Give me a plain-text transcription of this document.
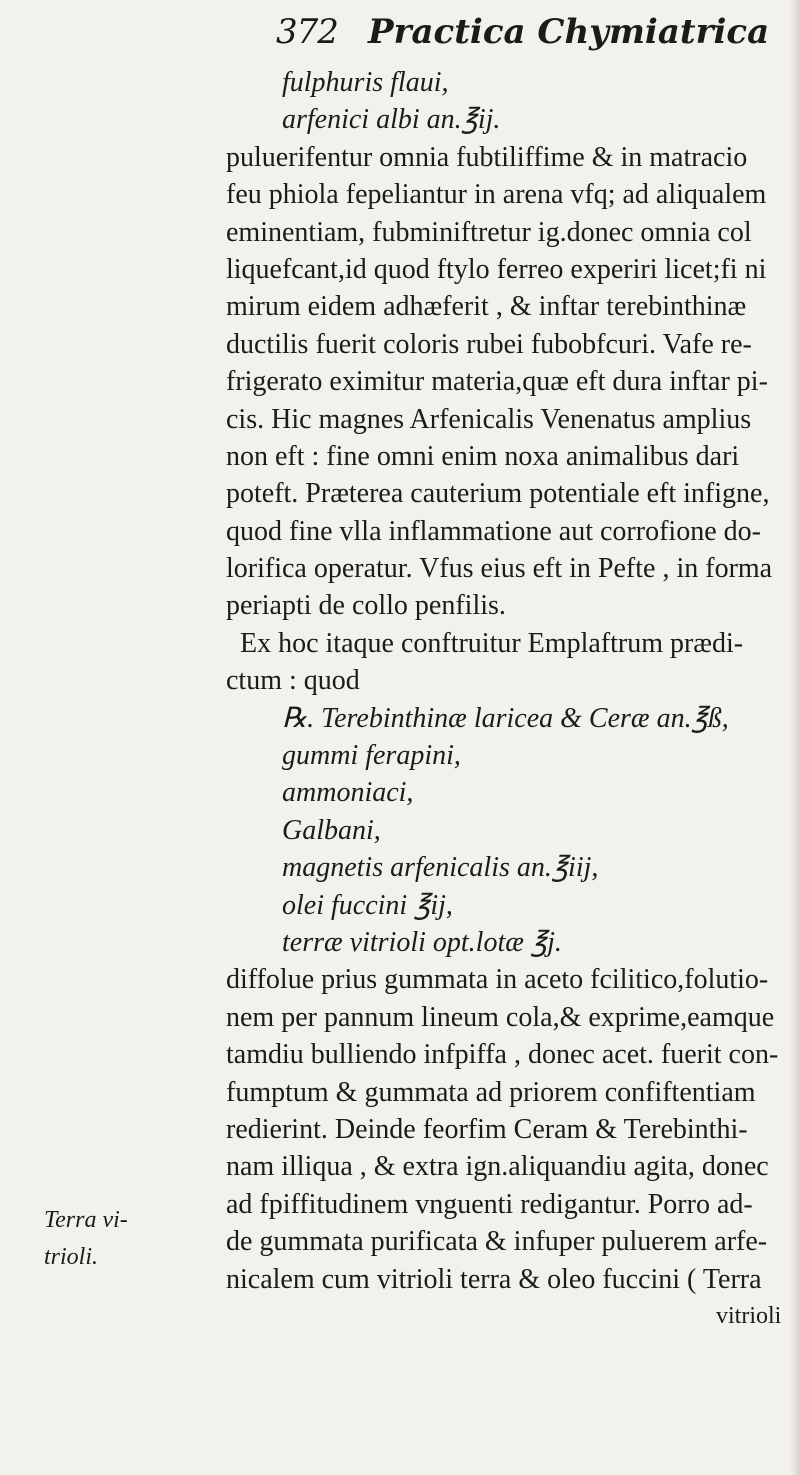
372 Practica Chymiatrica
fulphuris flaui,
arfenici albi an.℥ij.
puluerifentur omnia fubtiliffime & in matracio
feu phiola fepeliantur in arena vfq; ad aliqualem
eminentiam, fubminiftretur ig.donec omnia col
liquefcant,id quod ftylo ferreo experiri licet;fi ni
mirum eidem adhæferit , & inftar terebinthinæ
ductilis fuerit coloris rubei fubobfcuri. Vafe re-
frigerato eximitur materia,quæ eft dura inftar pi-
cis. Hic magnes Arfenicalis Venenatus amplius
non eft : fine omni enim noxa animalibus dari
poteft. Præterea cauterium potentiale eft infigne,
quod fine vlla inflammatione aut corrofione do-
lorifica operatur. Vfus eius eft in Pefte , in forma
periapti de collo penfilis.
Ex hoc itaque conftruitur Emplaftrum prædi-
ctum : quod
℞. Terebinthinæ laricea & Ceræ an.℥ß,
gummi ferapini,
ammoniaci,
Galbani,
magnetis arfenicalis an.℥iij,
olei fuccini ℥ij,
terræ vitrioli opt.lotæ ℥j.
diffolue prius gummata in aceto fcilitico,folutio-
nem per pannum lineum cola,& exprime,eamque
tamdiu bulliendo infpiffa , donec acet. fuerit con-
fumptum & gummata ad priorem confiftentiam
redierint. Deinde feorfim Ceram & Terebinthi-
nam illiqua , & extra ign.aliquandiu agita, donec
ad fpiffitudinem vnguenti redigantur. Porro ad-
de gummata purificata & infuper puluerem arfe-
nicalem cum vitrioli terra & oleo fuccini ( Terra
vitrioli
Terra vi-
trioli.
